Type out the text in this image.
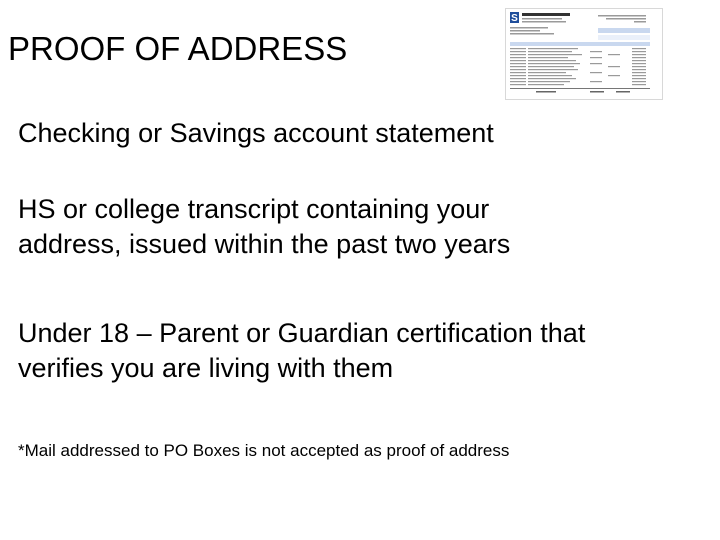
PROOF OF ADDRESS
S
Checking or Savings account statement
HS or college transcript containing your
address, issued within the past two years
Under 18 – Parent or Guardian certification that
verifies you are living with them
*Mail addressed to PO Boxes is not accepted as proof of address
